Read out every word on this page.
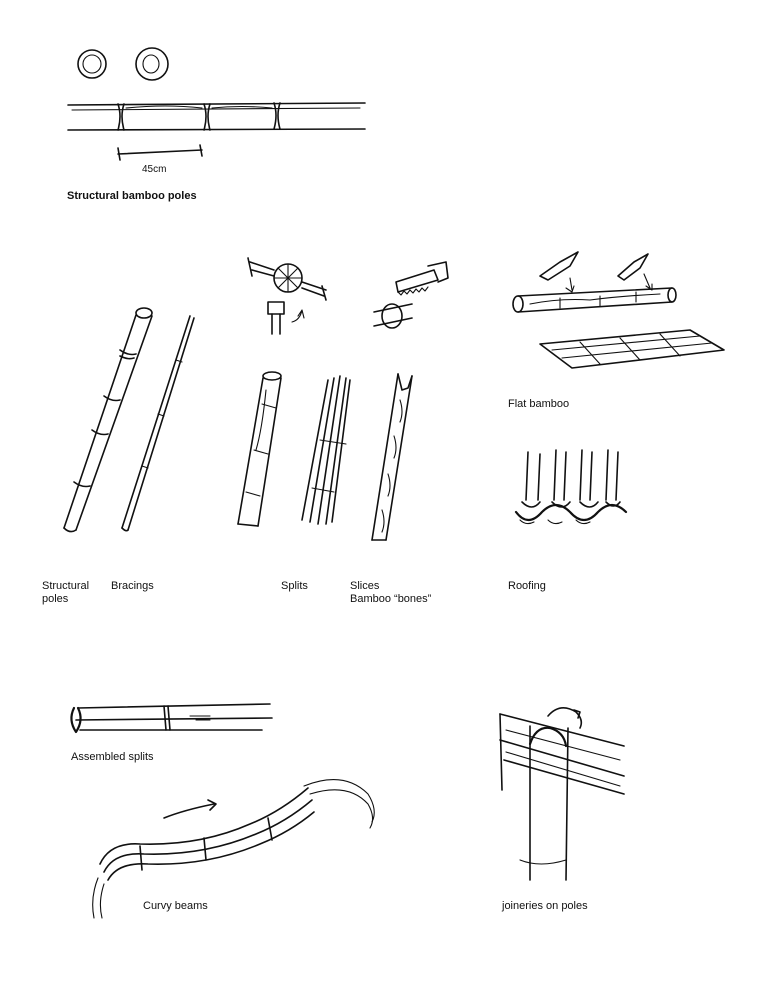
45cm
Structural bamboo poles
Flat bamboo
Structural
poles
Bracings	Splits	Slices
Bamboo “bones”
Roofing
Assembled splits
Curvy beams	joineries on poles
